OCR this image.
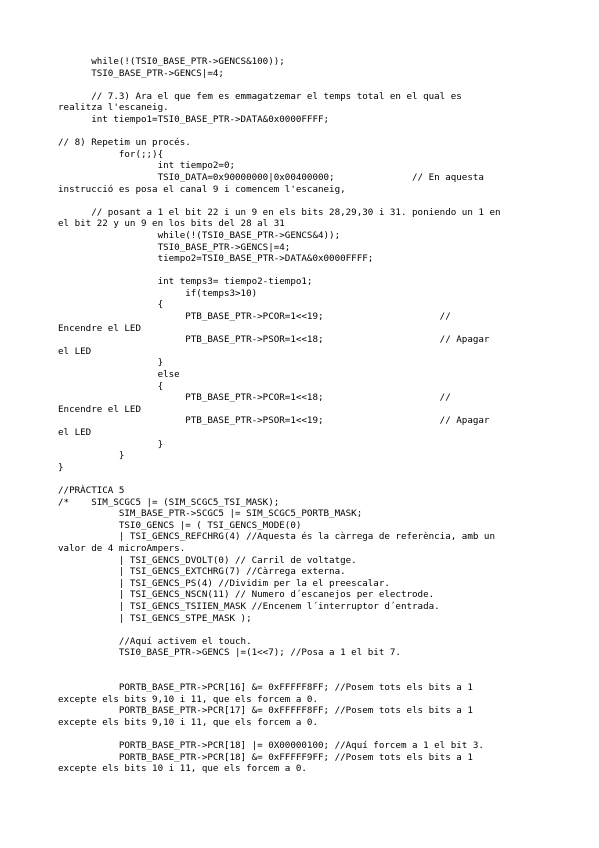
while(!(TSI0_BASE_PTR->GENCS&100));
TSI0_BASE_PTR->GENCS|=4;
// 7.3) Ara el que fem es emmagatzemar el temps total en el qual es
realitza l'escaneig.
int tiempo1=TSI0_BASE_PTR->DATA&0x0000FFFF;
// 8) Repetim un procés.
for(;;){
int tiempo2=0;
TSI0_DATA=0x90000000|0x00400000;              // En aquesta
instrucció es posa el canal 9 i comencem l'escaneig,
// posant a 1 el bit 22 i un 9 en els bits 28,29,30 i 31. poniendo un 1 en
el bit 22 y un 9 en los bits del 28 al 31
while(!(TSI0_BASE_PTR->GENCS&4));
TSI0_BASE_PTR->GENCS|=4;
tiempo2=TSI0_BASE_PTR->DATA&0x0000FFFF;
int temps3= tiempo2-tiempo1;
if(temps3>10)
{
PTB_BASE_PTR->PCOR=1<<19;                     //
Encendre el LED
PTB_BASE_PTR->PSOR=1<<18;                     // Apagar
el LED
}
else
{
PTB_BASE_PTR->PCOR=1<<18;                     //
Encendre el LED
PTB_BASE_PTR->PSOR=1<<19;                     // Apagar
el LED
}
}
}
//PRÀCTICA 5
/*    SIM_SCGC5 |= (SIM_SCGC5_TSI_MASK);
SIM_BASE_PTR->SCGC5 |= SIM_SCGC5_PORTB_MASK;
TSI0_GENCS |= ( TSI_GENCS_MODE(0)
| TSI_GENCS_REFCHRG(4) //Aquesta és la càrrega de referència, amb un
valor de 4 microAmpers.
| TSI_GENCS_DVOLT(0) // Carril de voltatge.
| TSI_GENCS_EXTCHRG(7) //Càrrega externa.
| TSI_GENCS_PS(4) //Dividim per la el preescalar.
| TSI_GENCS_NSCN(11) // Numero d´escanejos per electrode.
| TSI_GENCS_TSIIEN_MASK //Encenem l´interruptor d´entrada.
| TSI_GENCS_STPE_MASK );
//Aquí activem el touch.
TSI0_BASE_PTR->GENCS |=(1<<7); //Posa a 1 el bit 7.
PORTB_BASE_PTR->PCR[16] &= 0xFFFFF8FF; //Posem tots els bits a 1
excepte els bits 9,10 i 11, que els forcem a 0.
PORTB_BASE_PTR->PCR[17] &= 0xFFFFF8FF; //Posem tots els bits a 1
excepte els bits 9,10 i 11, que els forcem a 0.
PORTB_BASE_PTR->PCR[18] |= 0X00000100; //Aquí forcem a 1 el bit 3.
PORTB_BASE_PTR->PCR[18] &= 0xFFFFF9FF; //Posem tots els bits a 1
excepte els bits 10 i 11, que els forcem a 0.
